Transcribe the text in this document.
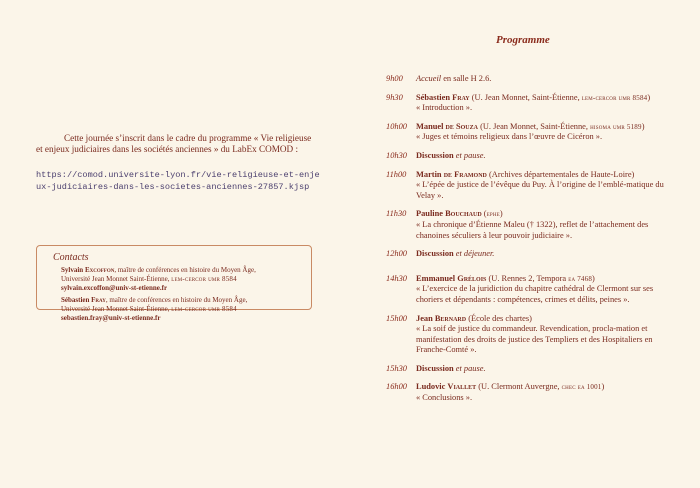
Cette journée s’inscrit dans le cadre du programme « Vie religieuse et enjeux judiciaires dans les sociétés anciennes » du LabEx COMOD :

https://comod.universite-lyon.fr/vie-religieuse-et-enjeux-judiciaires-dans-les-societes-anciennes-27857.kjsp
Contacts
Sylvain Excoffon, maître de conférences en histoire du Moyen Âge,
Université Jean Monnet Saint-Étienne, lem-cercor umr 8584
sylvain.excoffon@univ-st-etienne.fr
Sébastien Fray, maître de conférences en histoire du Moyen Âge,
Université Jean Monnet Saint-Étienne, lem-cercor umr 8584
sebastien.fray@univ-st-etienne.fr
Programme
9h00 Accueil en salle H 2.6.
9h30 Sébastien Fray (U. Jean Monnet, Saint-Étienne, lem-cercor umr 8584)
« Introduction ».
10h00 Manuel de Souza (U. Jean Monnet, Saint-Étienne, hisoma umr 5189)
« Juges et témoins religieux dans l’œuvre de Cicéron ».
10h30 Discussion et pause.
11h00 Martin de Framond (Archives départementales de Haute-Loire)
« L’épée de justice de l’évêque du Puy. À l’origine de l’emblé-matique du Velay ».
11h30 Pauline Bouchaud (ephe)
« La chronique d’Étienne Maleu († 1322), reflet de l’attachement des chanoines séculiers à leur pouvoir judiciaire ».
12h00 Discussion et déjeuner.
14h30 Emmanuel Grélois (U. Rennes 2, Tempora ea 7468)
« L’exercice de la juridiction du chapitre cathédral de Clermont sur ses choriers et dépendants : compétences, crimes et délits, peines ».
15h00 Jean Bernard (École des chartes)
« La soif de justice du commandeur. Revendication, procla-mation et manifestation des droits de justice des Templiers et des Hospitaliers en Franche-Comté ».
15h30 Discussion et pause.
16h00 Ludovic Viallet (U. Clermont Auvergne, chec ea 1001)
« Conclusions ».
